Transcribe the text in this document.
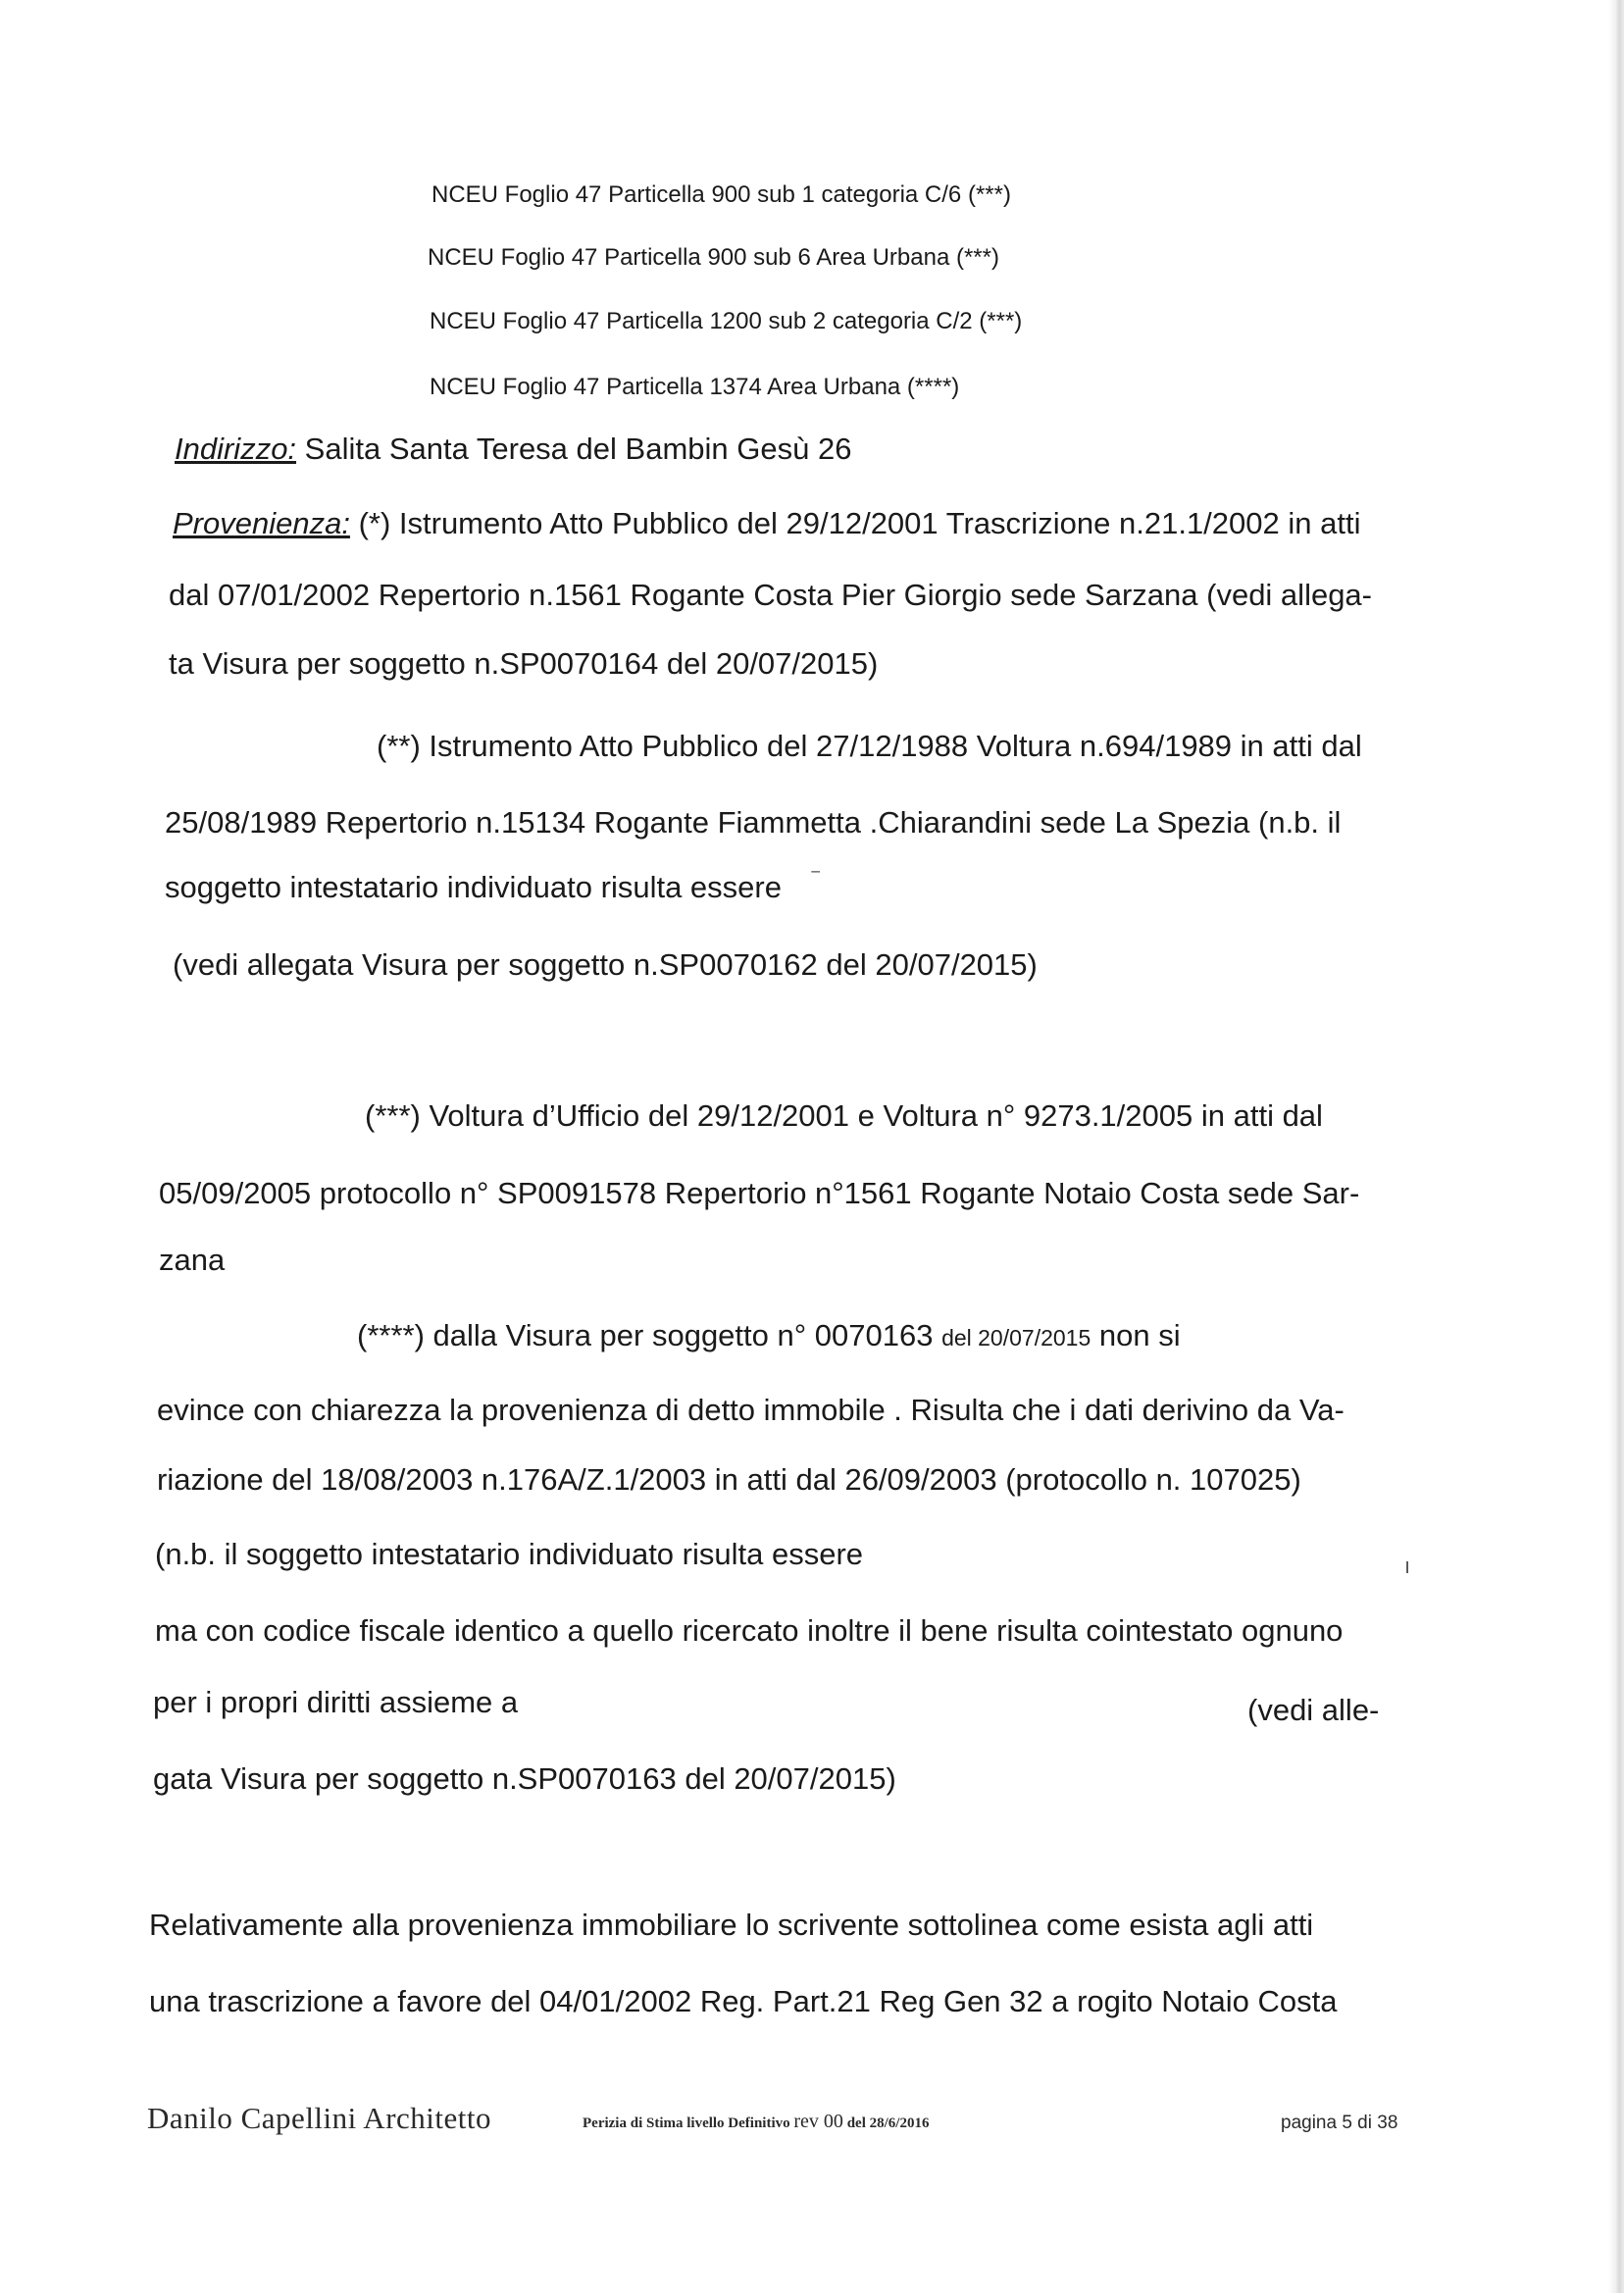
NCEU Foglio 47 Particella 900 sub 1 categoria C/6 (***)
NCEU Foglio 47 Particella 900 sub 6 Area Urbana (***)
NCEU Foglio 47 Particella 1200 sub 2 categoria C/2 (***)
NCEU Foglio 47 Particella 1374 Area Urbana (****)
Indirizzo: Salita Santa Teresa del Bambin Gesù 26
Provenienza: (*) Istrumento Atto Pubblico del 29/12/2001 Trascrizione n.21.1/2002 in atti
dal 07/01/2002 Repertorio n.1561 Rogante Costa Pier Giorgio sede Sarzana (vedi allega-
ta Visura per soggetto n.SP0070164 del 20/07/2015)
(**) Istrumento Atto Pubblico del 27/12/1988 Voltura n.694/1989 in atti dal
25/08/1989 Repertorio n.15134 Rogante Fiammetta .Chiarandini sede La Spezia (n.b. il
soggetto intestatario individuato risulta essere
(vedi allegata Visura per soggetto n.SP0070162 del 20/07/2015)
‾
(***) Voltura d’Ufficio del 29/12/2001 e Voltura n° 9273.1/2005 in atti dal
05/09/2005 protocollo n° SP0091578 Repertorio n°1561 Rogante Notaio Costa sede Sar-
zana
(****) dalla Visura per soggetto n° 0070163 del 20/07/2015 non si
evince con chiarezza la provenienza di detto immobile . Risulta che i dati derivino da Va-
riazione del 18/08/2003 n.176A/Z.1/2003 in atti dal 26/09/2003 (protocollo n. 107025)
(n.b. il soggetto intestatario individuato risulta essere	ı
ma con codice fiscale identico a quello ricercato inoltre il bene risulta cointestato ognuno
per i propri diritti assieme a	(vedi alle-
gata Visura per soggetto n.SP0070163 del 20/07/2015)
Relativamente alla provenienza immobiliare lo scrivente sottolinea come esista agli atti
una trascrizione a favore del 04/01/2002 Reg. Part.21 Reg Gen 32 a rogito Notaio Costa
Danilo Capellini Architetto	Perizia di Stima livello Definitivo rev 00 del 28/6/2016	pagina 5 di 38
